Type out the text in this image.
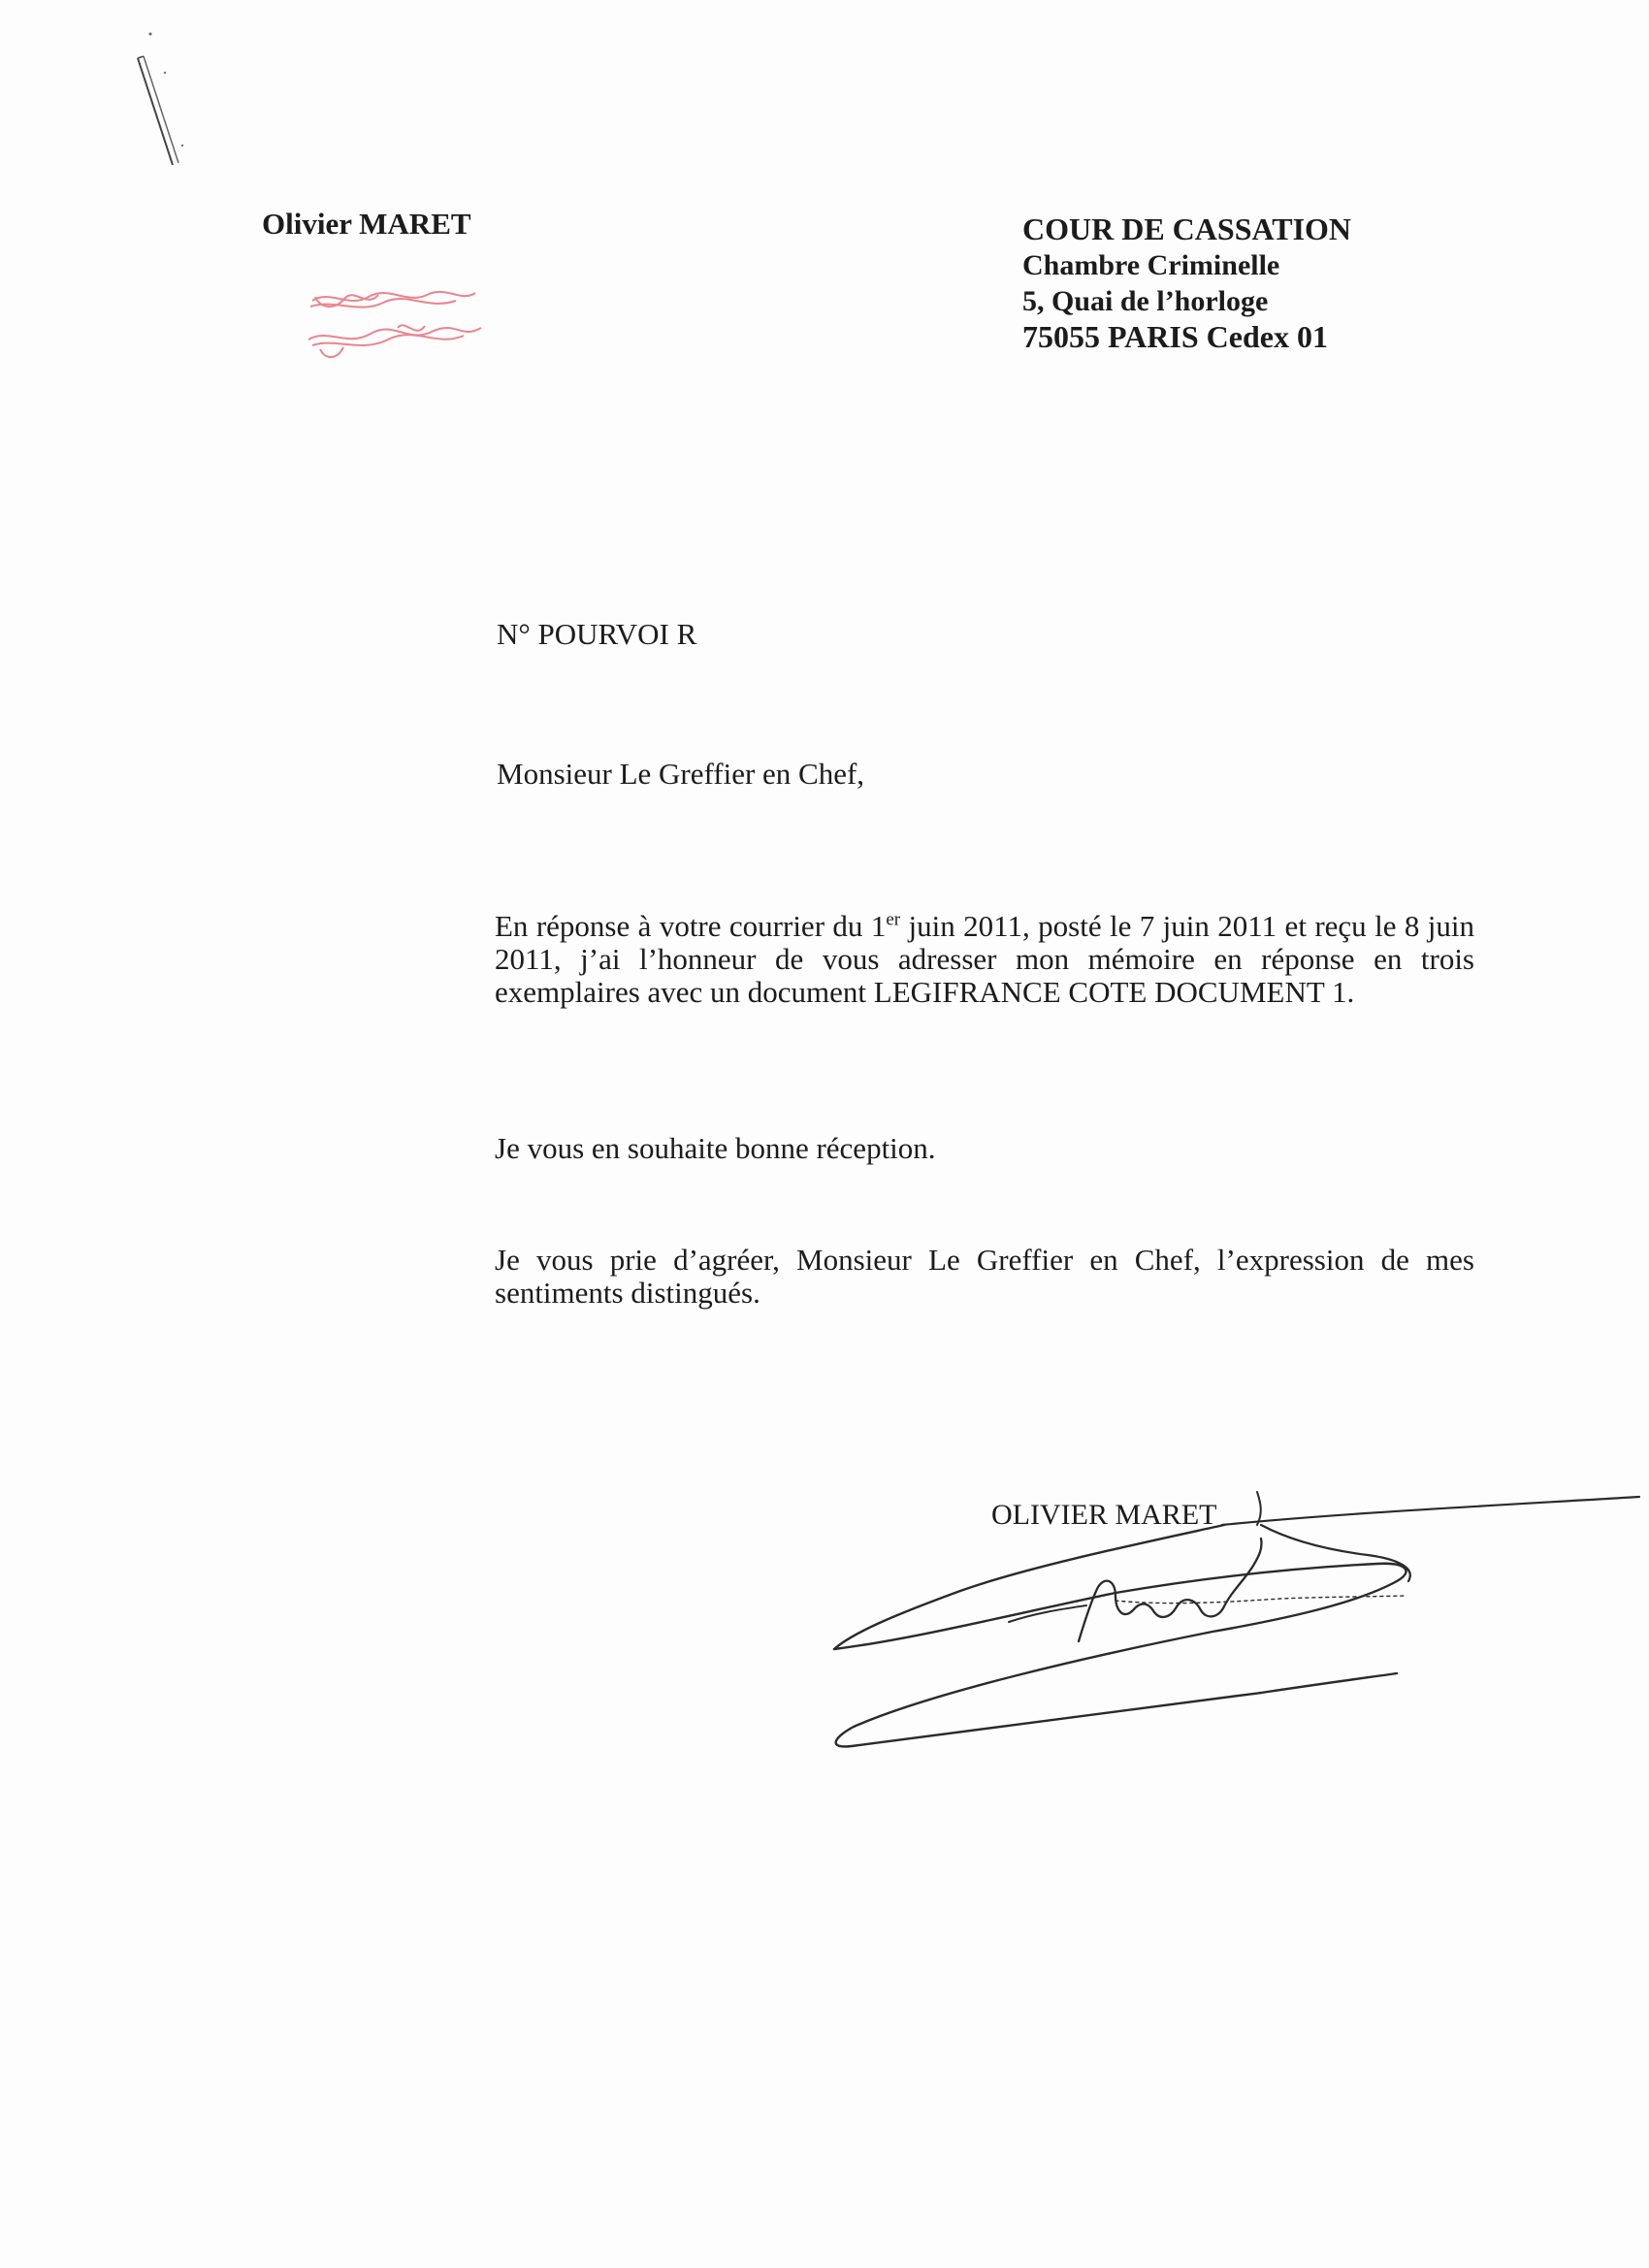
Olivier MARET	COUR DE CASSATION
Chambre Criminelle
5, Quai de l’horloge
75055 PARIS Cedex 01
N° POURVOI R
Monsieur Le Greffier en Chef,
En réponse à votre courrier du 1er juin 2011, posté le 7 juin 2011 et reçu le 8 juin 2011, j’ai l’honneur de vous adresser mon mémoire en réponse en trois exemplaires avec un document LEGIFRANCE COTE DOCUMENT 1.
Je vous en souhaite bonne réception.
Je vous prie d’agréer, Monsieur Le Greffier en Chef, l’expression de mes sentiments distingués.
OLIVIER MARET
